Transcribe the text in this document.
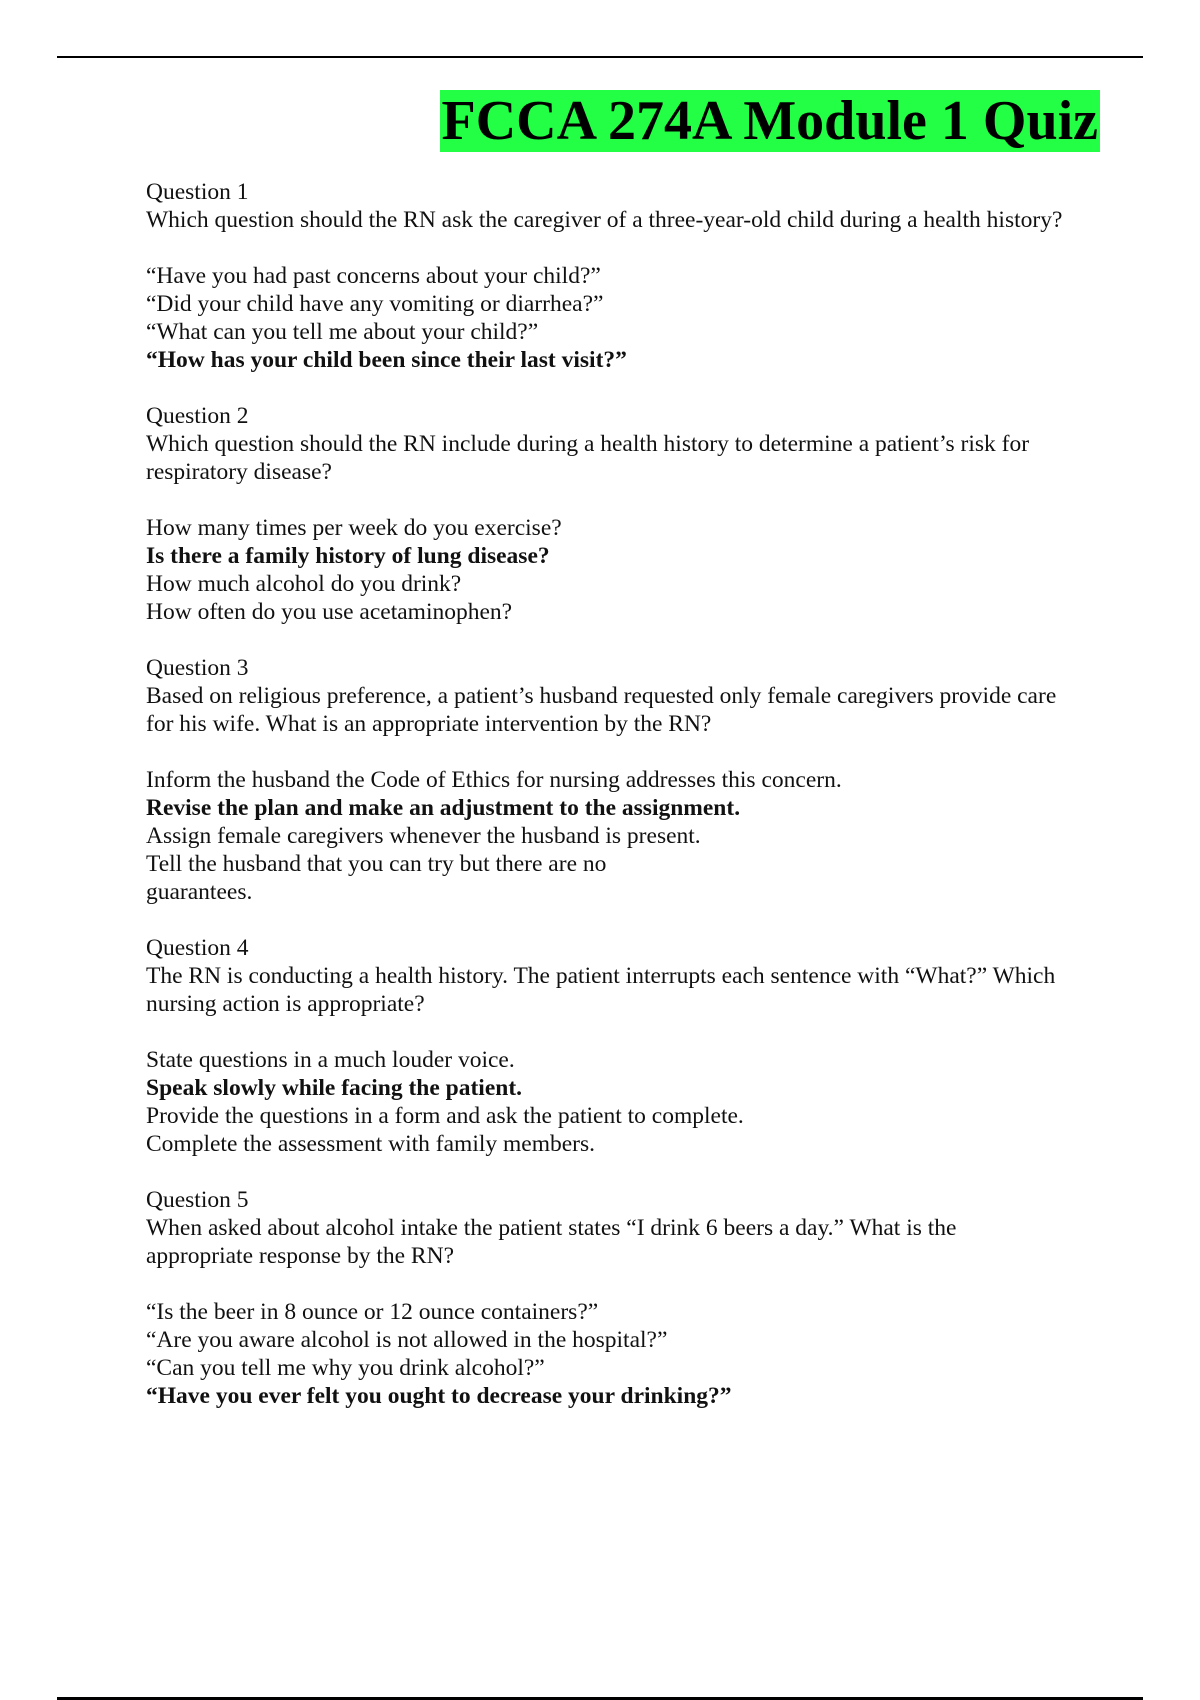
FCCA 274A Module 1 Quiz
Question 1
Which question should the RN ask the caregiver of a three-year-old child during a health history?
“Have you had past concerns about your child?”
“Did your child have any vomiting or diarrhea?”
“What can you tell me about your child?”
“How has your child been since their last visit?”
Question 2
Which question should the RN include during a health history to determine a patient’s risk for
respiratory disease?
How many times per week do you exercise?
Is there a family history of lung disease?
How much alcohol do you drink?
How often do you use acetaminophen?
Question 3
Based on religious preference, a patient’s husband requested only female caregivers provide care
for his wife. What is an appropriate intervention by the RN?
Inform the husband the Code of Ethics for nursing addresses this concern.
Revise the plan and make an adjustment to the assignment.
Assign female caregivers whenever the husband is present.
Tell the husband that you can try but there are no
guarantees.
Question 4
The RN is conducting a health history. The patient interrupts each sentence with “What?” Which
nursing action is appropriate?
State questions in a much louder voice.
Speak slowly while facing the patient.
Provide the questions in a form and ask the patient to complete.
Complete the assessment with family members.
Question 5
When asked about alcohol intake the patient states “I drink 6 beers a day.” What is the
appropriate response by the RN?
“Is the beer in 8 ounce or 12 ounce containers?”
“Are you aware alcohol is not allowed in the hospital?”
“Can you tell me why you drink alcohol?”
“Have you ever felt you ought to decrease your drinking?”
